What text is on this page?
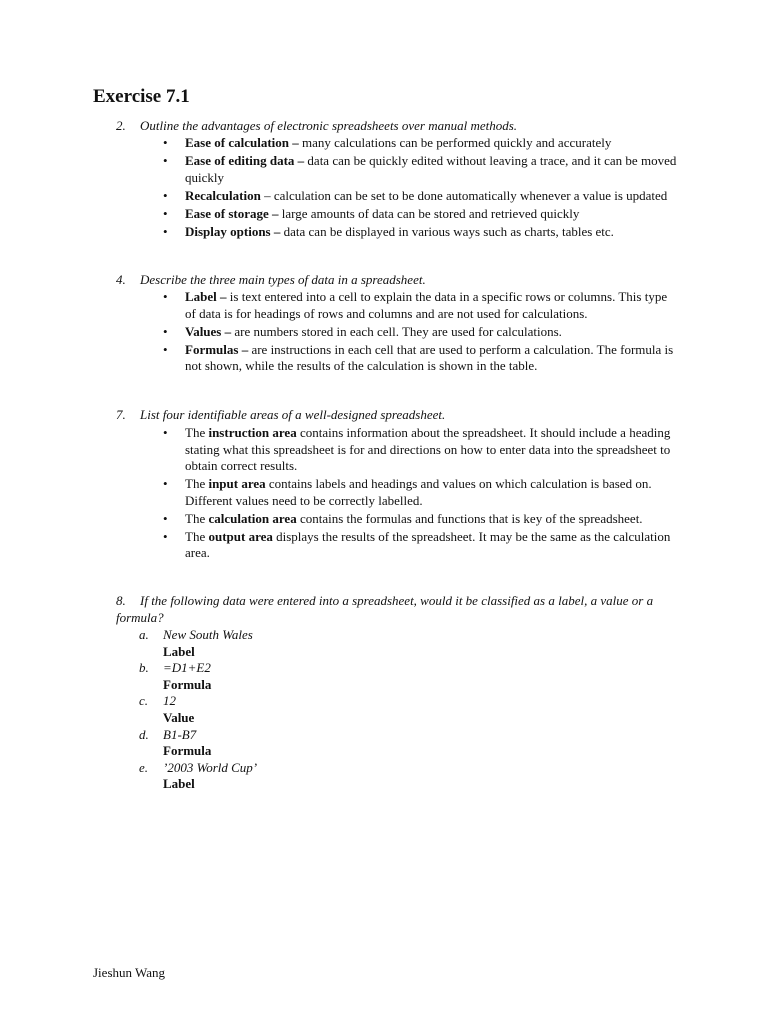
Exercise 7.1
2. Outline the advantages of electronic spreadsheets over manual methods.
• Ease of calculation – many calculations can be performed quickly and accurately
• Ease of editing data – data can be quickly edited without leaving a trace, and it can be moved quickly
• Recalculation – calculation can be set to be done automatically whenever a value is updated
• Ease of storage – large amounts of data can be stored and retrieved quickly
• Display options – data can be displayed in various ways such as charts, tables etc.
4. Describe the three main types of data in a spreadsheet.
• Label – is text entered into a cell to explain the data in a specific rows or columns. This type of data is for headings of rows and columns and are not used for calculations.
• Values – are numbers stored in each cell. They are used for calculations.
• Formulas – are instructions in each cell that are used to perform a calculation. The formula is not shown, while the results of the calculation is shown in the table.
7. List four identifiable areas of a well-designed spreadsheet.
• The instruction area contains information about the spreadsheet. It should include a heading stating what this spreadsheet is for and directions on how to enter data into the spreadsheet to obtain correct results.
• The input area contains labels and headings and values on which calculation is based on. Different values need to be correctly labelled.
• The calculation area contains the formulas and functions that is key of the spreadsheet.
• The output area displays the results of the spreadsheet. It may be the same as the calculation area.
8. If the following data were entered into a spreadsheet, would it be classified as a label, a value or a formula?
a. New South Wales
Label
b. =D1+E2
Formula
c. 12
Value
d. B1-B7
Formula
e. ’2003 World Cup’
Label
Jieshun Wang
